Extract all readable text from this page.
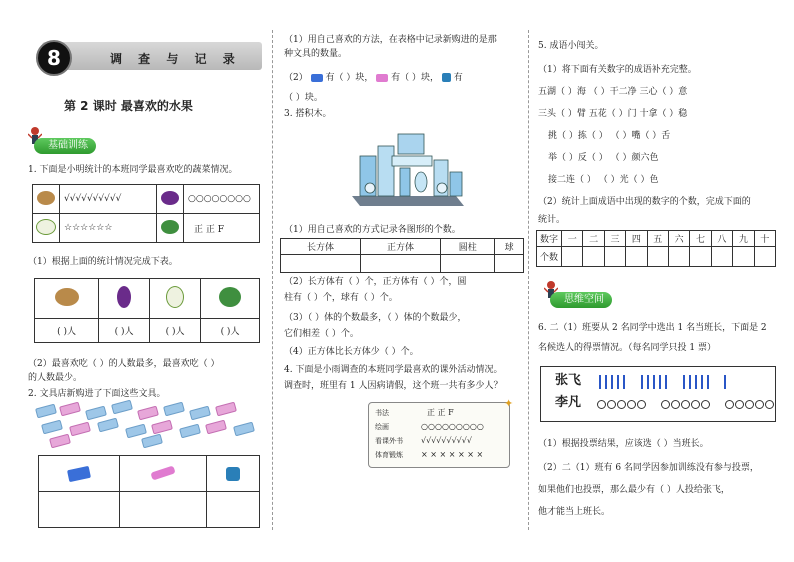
8	调 查 与 记 录
第 2 课时 最喜欢的水果
基础训练
1. 下面是小明统计的本班同学最喜欢吃的蔬菜情况。
	√√√√√√√√√√		○○○○○○○○
	☆☆☆☆☆☆		正 正 F
（1）根据上面的统计情况完成下表。

( )人	( )人	( )人	( )人
（2）最喜欢吃（ ）的人数最多，最喜欢吃（ ）
的人数最少。
2. 文具店新购进了下面这些文具。

（1）用自己喜欢的方法，在表格中记录新购进的是那
种文具的数量。
（2） 有（ ）块， 有（ ）块， 有
（ ）块。
3. 搭积木。
（1）用自己喜欢的方式记录各图形的个数。
长方体	正方体	圆柱	球

（2）长方体有（ ）个，正方体有（ ）个，圆
柱有（ ）个，球有（ ）个。
（3）（ ）体的个数最多，（ ）体的个数最少，
它们相差（ ）个。
（4）正方体比长方体少（ ）个。
4. 下面是小雨调查的本班同学最喜欢的课外活动情况。
调查时，班里有 1 人因病请假，这个班一共有多少人？
书法	正 正 F
绘画	○○○○○○○○○
看课外书 √√√√√√√√√√
体育锻炼 × × × × × × ×
✦
5. 成语小闯关。
（1）将下面有关数字的成语补充完整。
五湖（ ）海 （ ）干二净 三心（ ）意
三头（ ）臂 五花（ ）门 十拿（ ）稳
挑（ ）拣（ ） （ ）嘴（ ）舌
举（ ）反（ ） （ ）颜六色
接二连（ ） （ ）光（ ）色
（2）统计上面成语中出现的数字的个数，完成下面的
统计。
数字	一	二	三	四	五	六	七	八	九	十
个数										
思维空间
6. 二（1）班要从 2 名同学中选出 1 名当班长，下面是 2
名候选人的得票情况。（每名同学只投 1 票）
张飞

李凡

（1）根据投票结果，应该选（ ）当班长。
（2）二（1）班有 6 名同学因参加训练没有参与投票，
如果他们也投票，那么最少有（ ）人投给张飞，
他才能当上班长。
